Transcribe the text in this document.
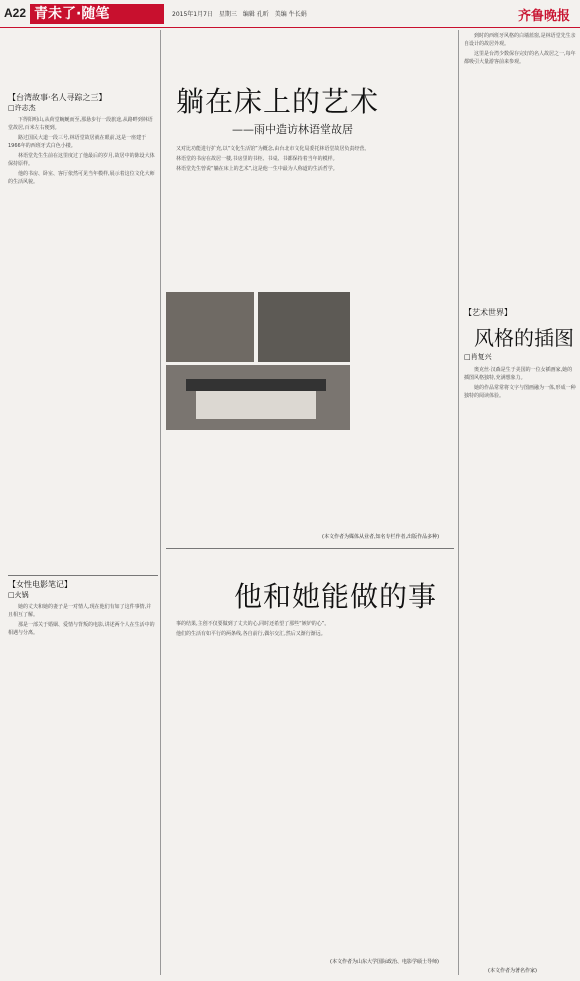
A22 青未了·随笔	2015年1月7日　星期三　编辑 孔昕　美编 牛长娟	齐鲁晚报
【台湾故事·名人寻踪之三】
□许志杰

下得阳明山,从荷堂蜿蜒而至,那悬步行一段旅途,从路畔到林语堂故居,百米左右便到。

路过国民大道一段三号,林语堂故居就在眼前,这是一座建于1966年的西班牙式白色小楼。

林语堂先生生前在这里度过了他最后的岁月,故居中的陈设大体保持原样。

他的书房、卧室、客厅依然可见当年模样,展示着这位文化大师的生活风貌。

【女性电影笔记】
□火锅

她的丈夫和她的妻子是一对情人,现在他们有如了这件事情,并且相互了解。

那是一部关于婚姻、爱情与背叛的电影,讲述两个人在生活中的相遇与分离。

躺在床上的艺术
——雨中造访林语堂故居

又对比功能进行扩充,以“文化生活馆”为概念,由台北市文化局委托林语堂故居负责经营。

林语堂的书房在故居一楼,书房里的书柜、书桌、书都保持着当年的模样。

林语堂先生曾说“躺在床上的艺术”,这是他一生中最为人称道的生活哲学。

(本文作者为媒体从业者,知名专栏作者,出版作品多种)
他和她能做的事

事的结果,主创不仅要做到了丈夫的心,同时还希望了那些“嫉妒的心”。

他们的生活有如平行的两条线,各自前行,偶尔交汇,然后又渐行渐远。

(本文作者为山东大学国际政治、电影学硕士导师)

到时的西班牙风格的白墙蓝窗,是林语堂先生亲自设计的故居外观。

这里是台湾少数保存完好的名人故居之一,每年都吸引大量游客前来参观。

【艺术世界】
风格的插图
□肖复兴

奥克丝·汉森是生于美国的一位女插画家,她的插图风格独特,充满想象力。

她的作品常常将文字与图画融为一体,形成一种独特的阅读体验。

(本文作者为著名作家)
